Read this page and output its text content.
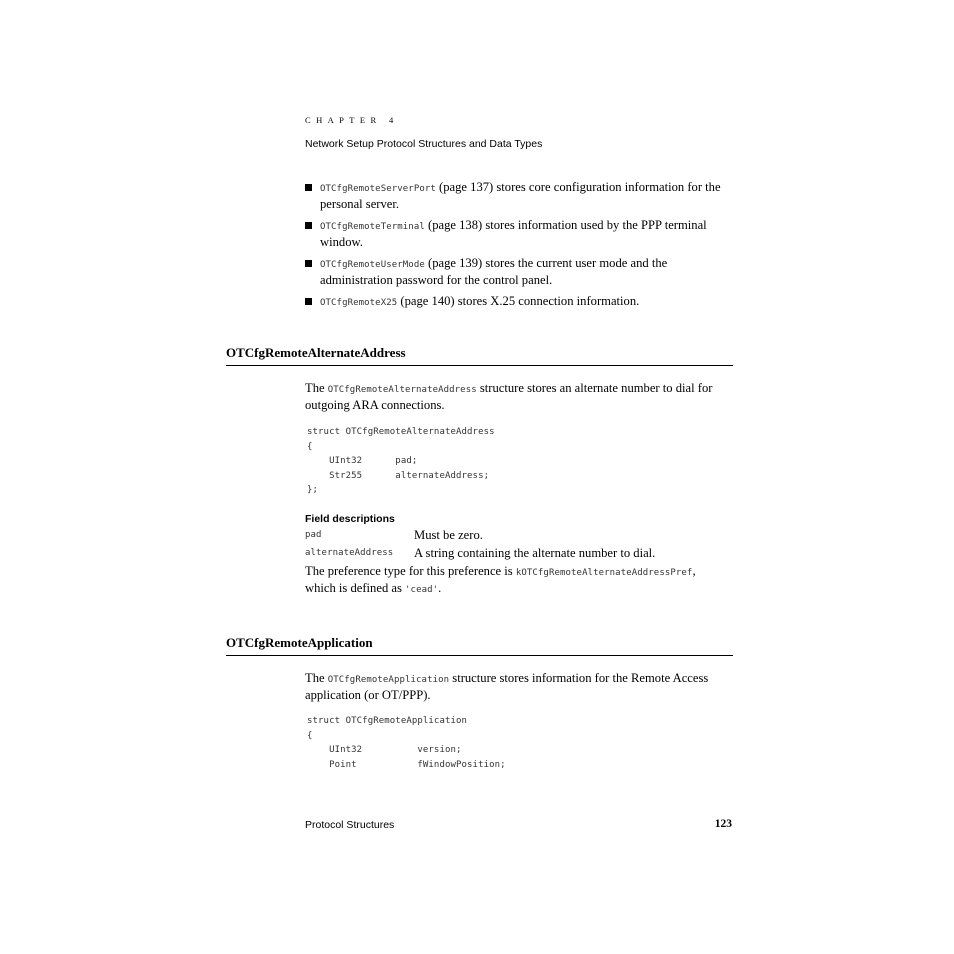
CHAPTER 4
Network Setup Protocol Structures and Data Types
OTCfgRemoteServerPort (page 137) stores core configuration information for the personal server.
OTCfgRemoteTerminal (page 138) stores information used by the PPP terminal window.
OTCfgRemoteUserMode (page 139) stores the current user mode and the administration password for the control panel.
OTCfgRemoteX25 (page 140) stores X.25 connection information.
OTCfgRemoteAlternateAddress
The OTCfgRemoteAlternateAddress structure stores an alternate number to dial for outgoing ARA connections.
struct OTCfgRemoteAlternateAddress
{
UInt32      pad;
Str255      alternateAddress;
};
Field descriptions
pad	Must be zero.
alternateAddress A string containing the alternate number to dial.
The preference type for this preference is kOTCfgRemoteAlternateAddressPref,
which is defined as 'cead'.
OTCfgRemoteApplication
The OTCfgRemoteApplication structure stores information for the Remote Access application (or OT/PPP).
struct OTCfgRemoteApplication
{
UInt32          version;
Point           fWindowPosition;
Protocol Structures	123
